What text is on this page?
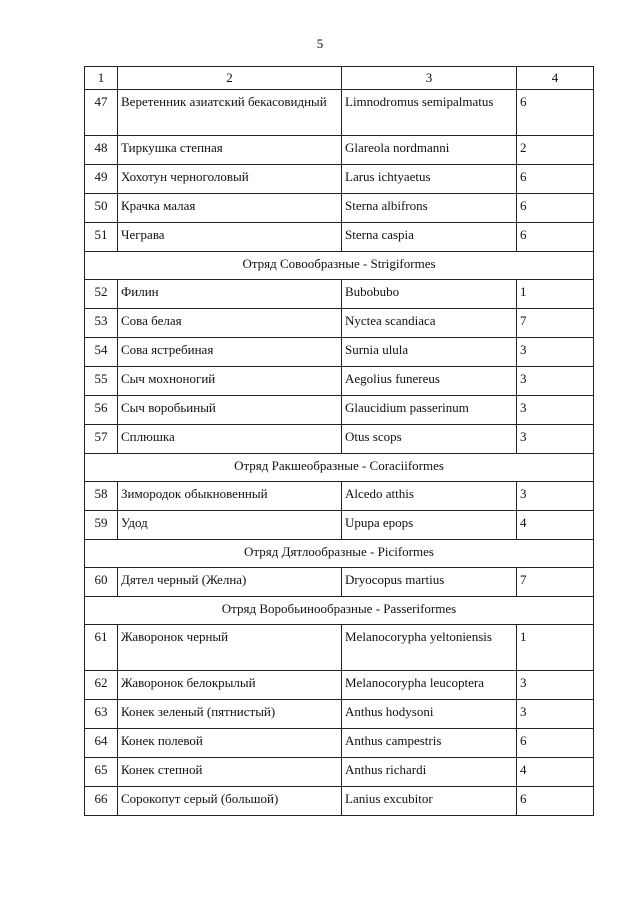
5
1	2	3	4
47	Веретенник азиатский бекасовидный	Limnodromus semipalmatus	6
48	Тиркушка степная	Glareola nordmanni	2
49	Хохотун черноголовый	Larus ichtyaetus	6
50	Крачка малая	Sterna albifrons	6
51	Чеграва	Sterna caspia	6
Отряд Совообразные - Strigiformes			
52	Филин	Bubobubo	1
53	Сова белая	Nyctea scandiaca	7
54	Сова ястребиная	Surnia ulula	3
55	Сыч мохноногий	Aegolius funereus	3
56	Сыч воробьиный	Glaucidium passerinum	3
57	Сплюшка	Otus scops	3
Отряд Ракшеобразные - Coraciiformes			
58	Зимородок обыкновенный	Alcedo atthis	3
59	Удод	Upupa epops	4
Отряд Дятлообразные - Piciformes			
60	Дятел черный (Желна)	Dryocopus martius	7
Отряд Воробьинообразные - Passeriformes			
61	Жаворонок черный	Melanocorypha yeltoniensis	1
62	Жаворонок белокрылый	Melanocorypha leucoptera	3
63	Конек зеленый (пятнистый)	Anthus hodysoni	3
64	Конек полевой	Anthus campestris	6
65	Конек степной	Anthus richardi	4
66	Сорокопут серый (большой)	Lanius excubitor	6
